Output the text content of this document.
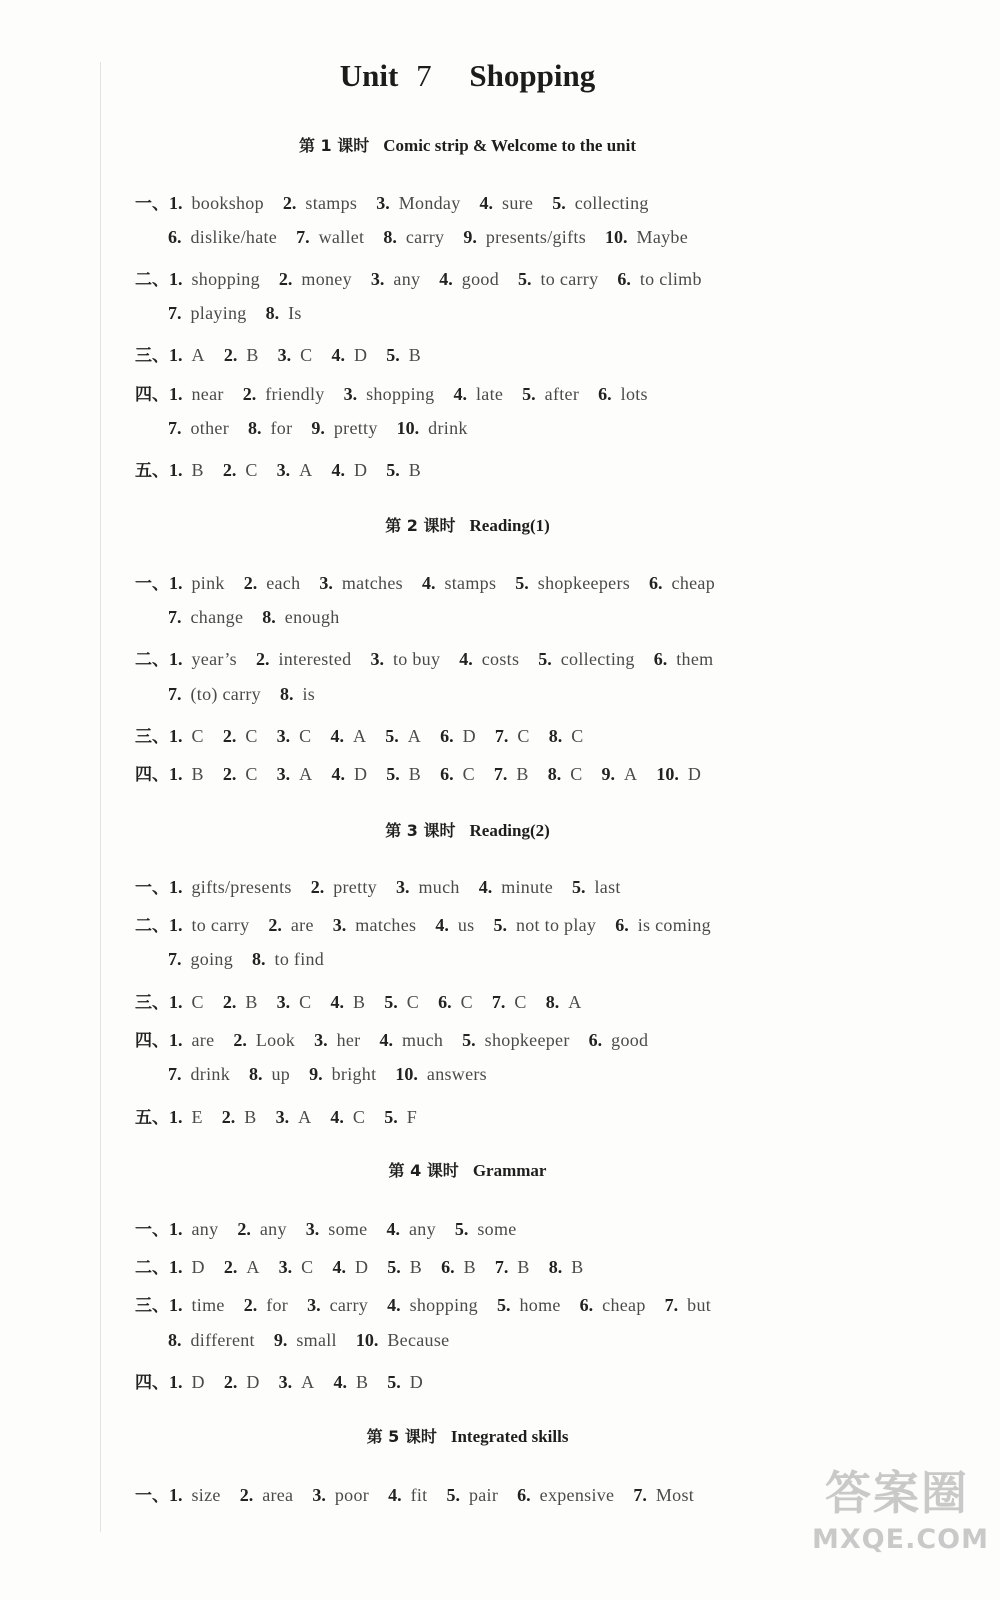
Unit 7 Shopping
第 1 课时 Comic strip & Welcome to the unit
一、1. bookshop 2. stamps 3. Monday 4. sure 5. collecting
6. dislike/hate 7. wallet 8. carry 9. presents/gifts 10. Maybe
二、1. shopping 2. money 3. any 4. good 5. to carry 6. to climb
7. playing 8. Is
三、1. A 2. B 3. C 4. D 5. B
四、1. near 2. friendly 3. shopping 4. late 5. after 6. lots
7. other 8. for 9. pretty 10. drink
五、1. B 2. C 3. A 4. D 5. B
第 2 课时 Reading(1)
一、1. pink 2. each 3. matches 4. stamps 5. shopkeepers 6. cheap
7. change 8. enough
二、1. year’s 2. interested 3. to buy 4. costs 5. collecting 6. them
7. (to) carry 8. is
三、1. C 2. C 3. C 4. A 5. A 6. D 7. C 8. C
四、1. B 2. C 3. A 4. D 5. B 6. C 7. B 8. C 9. A 10. D
第 3 课时 Reading(2)
一、1. gifts/presents 2. pretty 3. much 4. minute 5. last
二、1. to carry 2. are 3. matches 4. us 5. not to play 6. is coming
7. going 8. to find
三、1. C 2. B 3. C 4. B 5. C 6. C 7. C 8. A
四、1. are 2. Look 3. her 4. much 5. shopkeeper 6. good
7. drink 8. up 9. bright 10. answers
五、1. E 2. B 3. A 4. C 5. F
第 4 课时 Grammar
一、1. any 2. any 3. some 4. any 5. some
二、1. D 2. A 3. C 4. D 5. B 6. B 7. B 8. B
三、1. time 2. for 3. carry 4. shopping 5. home 6. cheap 7. but
8. different 9. small 10. Because
四、1. D 2. D 3. A 4. B 5. D
第 5 课时 Integrated skills
一、1. size 2. area 3. poor 4. fit 5. pair 6. expensive 7. Most	答案圈
MXQE.COM
